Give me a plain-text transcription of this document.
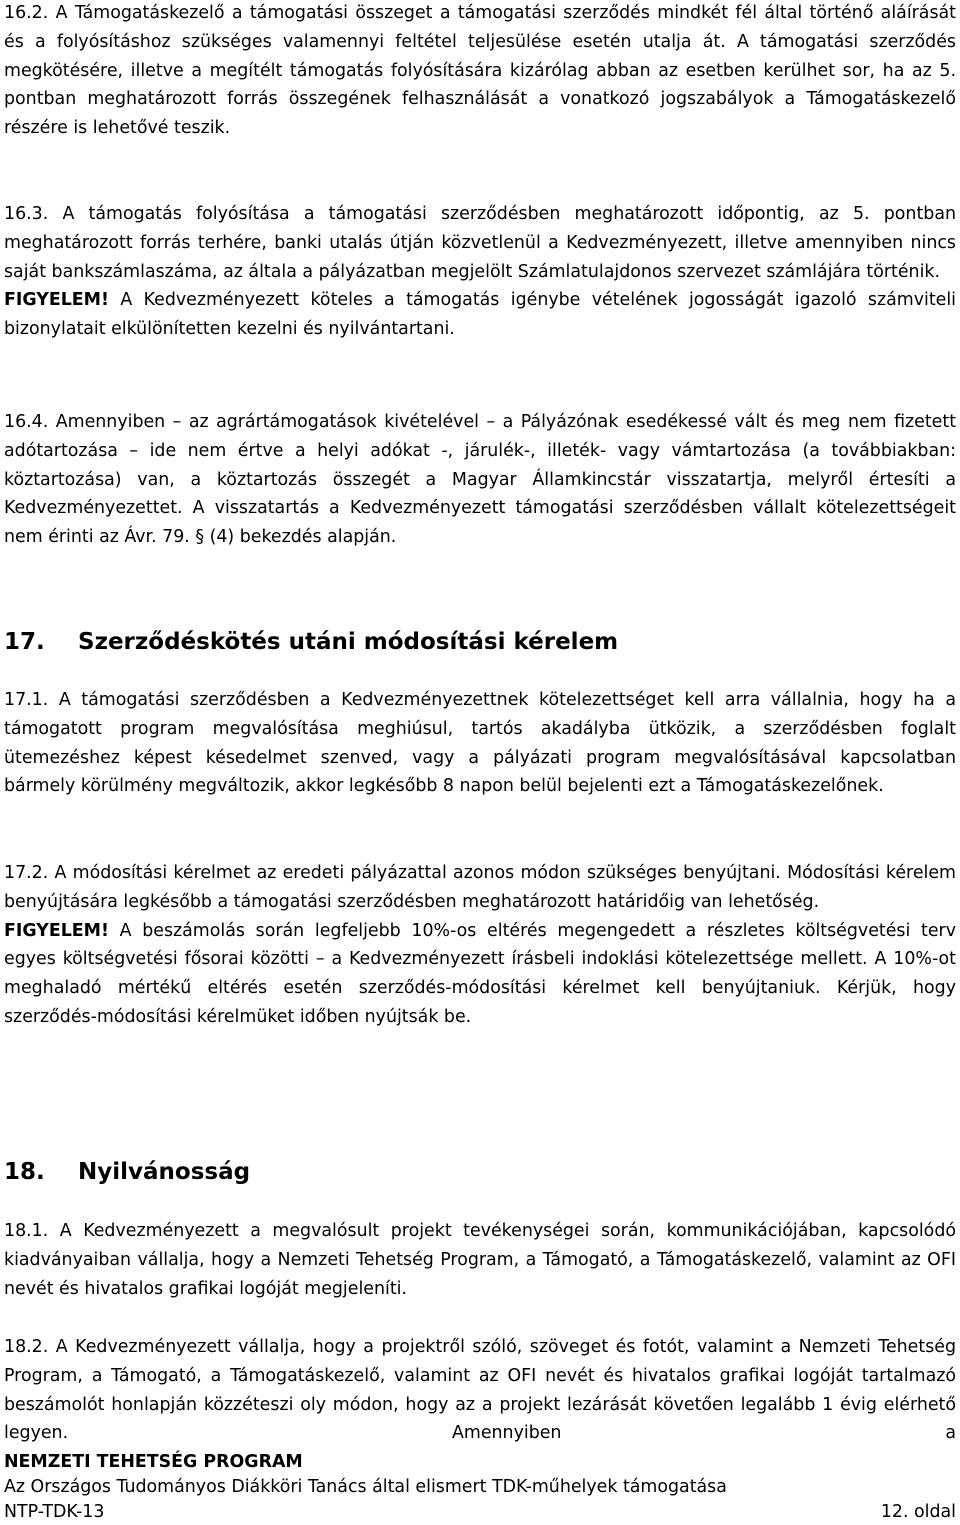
16.2. A Támogatáskezelő a támogatási összeget a támogatási szerződés mindkét fél által történő aláírását és a folyósításhoz szükséges valamennyi feltétel teljesülése esetén utalja át. A támogatási szerződés megkötésére, illetve a megítélt támogatás folyósítására kizárólag abban az esetben kerülhet sor, ha az 5. pontban meghatározott forrás összegének felhasználását a vonatkozó jogszabályok a Támogatáskezelő részére is lehetővé teszik.

16.3. A támogatás folyósítása a támogatási szerződésben meghatározott időpontig, az 5. pontban meghatározott forrás terhére, banki utalás útján közvetlenül a Kedvezményezett, illetve amennyiben nincs saját bankszámlaszáma, az általa a pályázatban megjelölt Számlatulajdonos szervezet számlájára történik.

FIGYELEM! A Kedvezményezett köteles a támogatás igénybe vételének jogosságát igazoló számviteli bizonylatait elkülönítetten kezelni és nyilvántartani.

16.4. Amennyiben – az agrártámogatások kivételével – a Pályázónak esedékessé vált és meg nem fizetett adótartozása – ide nem értve a helyi adókat -, járulék-, illeték- vagy vámtartozása (a továbbiakban: köztartozása) van, a köztartozás összegét a Magyar Államkincstár visszatartja, melyről értesíti a Kedvezményezettet. A visszatartás a Kedvezményezett támogatási szerződésben vállalt kötelezettségeit nem érinti az Ávr. 79. § (4) bekezdés alapján.

17. Szerződéskötés utáni módosítási kérelem

17.1. A támogatási szerződésben a Kedvezményezettnek kötelezettséget kell arra vállalnia, hogy ha a támogatott program megvalósítása meghiúsul, tartós akadályba ütközik, a szerződésben foglalt ütemezéshez képest késedelmet szenved, vagy a pályázati program megvalósításával kapcsolatban bármely körülmény megváltozik, akkor legkésőbb 8 napon belül bejelenti ezt a Támogatáskezelőnek.

17.2. A módosítási kérelmet az eredeti pályázattal azonos módon szükséges benyújtani. Módosítási kérelem benyújtására legkésőbb a támogatási szerződésben meghatározott határidőig van lehetőség.

FIGYELEM! A beszámolás során legfeljebb 10%-os eltérés megengedett a részletes költségvetési terv egyes költségvetési fősorai közötti – a Kedvezményezett írásbeli indoklási kötelezettsége mellett. A 10%-ot meghaladó mértékű eltérés esetén szerződés-módosítási kérelmet kell benyújtaniuk. Kérjük, hogy szerződés-módosítási kérelmüket időben nyújtsák be.

18. Nyilvánosság

18.1. A Kedvezményezett a megvalósult projekt tevékenységei során, kommunikációjában, kapcsolódó kiadványaiban vállalja, hogy a Nemzeti Tehetség Program, a Támogató, a Támogatáskezelő, valamint az OFI nevét és hivatalos grafikai logóját megjeleníti.

18.2. A Kedvezményezett vállalja, hogy a projektről szóló, szöveget és fotót, valamint a Nemzeti Tehetség Program, a Támogató, a Támogatáskezelő, valamint az OFI nevét és hivatalos grafikai logóját tartalmazó beszámolót honlapján közzéteszi oly módon, hogy az a projekt lezárását követően legalább 1 évig elérhető legyen. Amennyiben a

NEMZETI TEHETSÉG PROGRAM
Az Országos Tudományos Diákköri Tanács által elismert TDK-műhelyek támogatása
NTP-TDK-13	12. oldal
